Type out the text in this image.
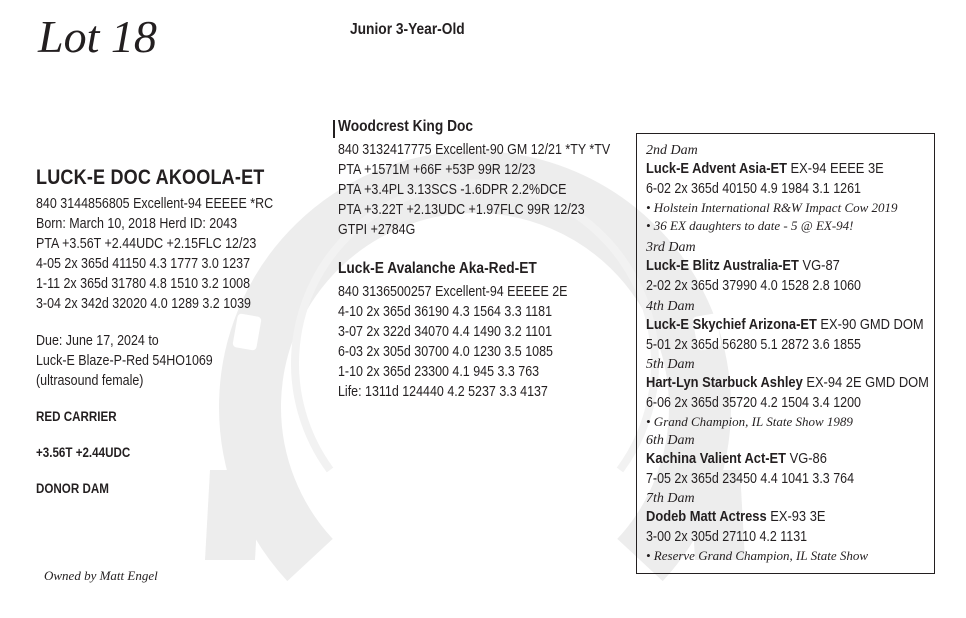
Lot 18	Junior 3-Year-Old
LUCK-E DOC AKOOLA-ET
840 3144856805 Excellent-94 EEEEE *RC
Born: March 10, 2018 Herd ID: 2043
PTA +3.56T +2.44UDC +2.15FLC 12/23
4-05 2x 365d 41150 4.3 1777 3.0 1237
1-11 2x 365d 31780 4.8 1510 3.2 1008
3-04 2x 342d 32020 4.0 1289 3.2 1039
Due: June 17, 2024 to
Luck-E Blaze-P-Red 54HO1069
(ultrasound female)
RED CARRIER
+3.56T +2.44UDC
DONOR DAM
Owned by Matt Engel
Woodcrest King Doc
840 3132417775 Excellent-90 GM 12/21 *TY *TV
PTA +1571M +66F +53P 99R 12/23
PTA +3.4PL 3.13SCS -1.6DPR 2.2%DCE
PTA +3.22T +2.13UDC +1.97FLC 99R 12/23
GTPI +2784G
Luck-E Avalanche Aka-Red-ET
840 3136500257 Excellent-94 EEEEE 2E
4-10 2x 365d 36190 4.3 1564 3.3 1181
3-07 2x 322d 34070 4.4 1490 3.2 1101
6-03 2x 305d 30700 4.0 1230 3.5 1085
1-10 2x 365d 23300 4.1 945 3.3 763
Life: 1311d 124440 4.2 5237 3.3 4137
2nd Dam
Luck-E Advent Asia-ET EX-94 EEEE 3E
6-02 2x 365d 40150 4.9 1984 3.1 1261
• Holstein International R&W Impact Cow 2019
• 36 EX daughters to date - 5 @ EX-94!
3rd Dam
Luck-E Blitz Australia-ET VG-87
2-02 2x 365d 37990 4.0 1528 2.8 1060
4th Dam
Luck-E Skychief Arizona-ET EX-90 GMD DOM
5-01 2x 365d 56280 5.1 2872 3.6 1855
5th Dam
Hart-Lyn Starbuck Ashley EX-94 2E GMD DOM
6-06 2x 365d 35720 4.2 1504 3.4 1200
• Grand Champion, IL State Show 1989
6th Dam
Kachina Valient Act-ET VG-86
7-05 2x 365d 23450 4.4 1041 3.3 764
7th Dam
Dodeb Matt Actress EX-93 3E
3-00 2x 305d 27110 4.2 1131
• Reserve Grand Champion, IL State Show
